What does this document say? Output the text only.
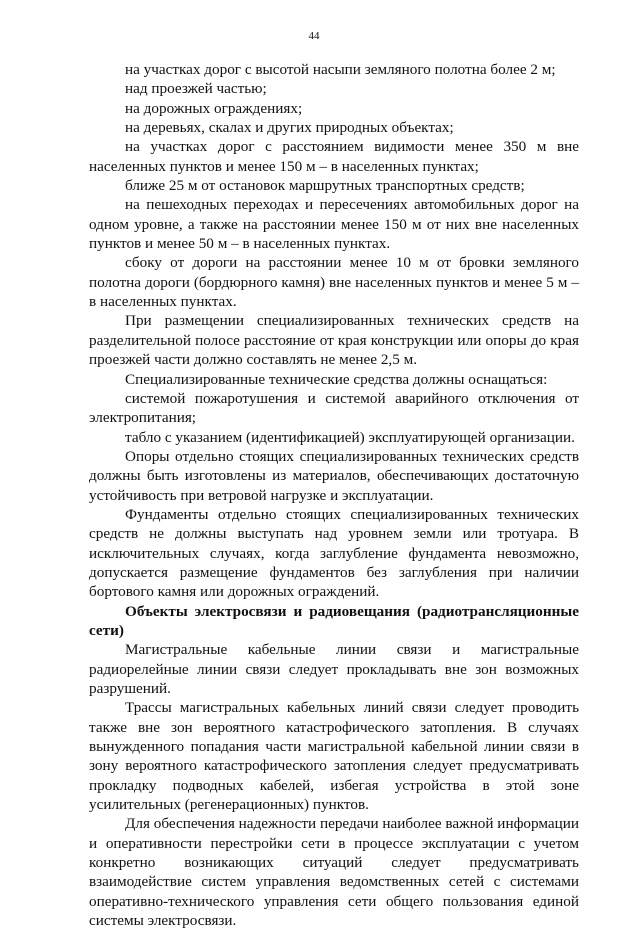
44

на участках дорог с высотой насыпи земляного полотна более 2 м;

над проезжей частью;

на дорожных ограждениях;

на деревьях, скалах и других природных объектах;

на участках дорог с расстоянием видимости менее 350 м вне населенных пунктов и менее 150 м – в населенных пунктах;

ближе 25 м от остановок маршрутных транспортных средств;

на пешеходных переходах и пересечениях автомобильных дорог на одном уровне, а также на расстоянии менее 150 м от них вне населенных пунктов и менее 50 м – в населенных пунктах.

сбоку от дороги на расстоянии менее 10 м от бровки земляного полотна дороги (бордюрного камня) вне населенных пунктов и менее 5 м – в населенных пунктах.

При размещении специализированных технических средств на разделительной полосе расстояние от края конструкции или опоры до края проезжей части должно составлять не менее 2,5 м.

Специализированные технические средства должны оснащаться:

системой пожаротушения и системой аварийного отключения от электропитания;

табло с указанием (идентификацией) эксплуатирующей организации.

Опоры отдельно стоящих специализированных технических средств должны быть изготовлены из материалов, обеспечивающих достаточную устойчивость при ветровой нагрузке и эксплуатации.

Фундаменты отдельно стоящих специализированных технических средств не должны выступать над уровнем земли или тротуара. В исключительных случаях, когда заглубление фундамента невозможно, допускается размещение фундаментов без заглубления при наличии бортового камня или дорожных ограждений.

Объекты электросвязи и радиовещания (радиотрансляционные сети)

Магистральные кабельные линии связи и магистральные радиорелейные линии связи следует прокладывать вне зон возможных разрушений.

Трассы магистральных кабельных линий связи следует проводить также вне зон вероятного катастрофического затопления. В случаях вынужденного попадания части магистральной кабельной линии связи в зону вероятного катастрофического затопления следует предусматривать прокладку подводных кабелей, избегая устройства в этой зоне усилительных (регенерационных) пунктов.

Для обеспечения надежности передачи наиболее важной информации и оперативности перестройки сети в процессе эксплуатации с учетом конкретно возникающих ситуаций следует предусматривать взаимодействие систем управления ведомственных сетей с системами оперативно-технического управления сети общего пользования единой системы электросвязи.
